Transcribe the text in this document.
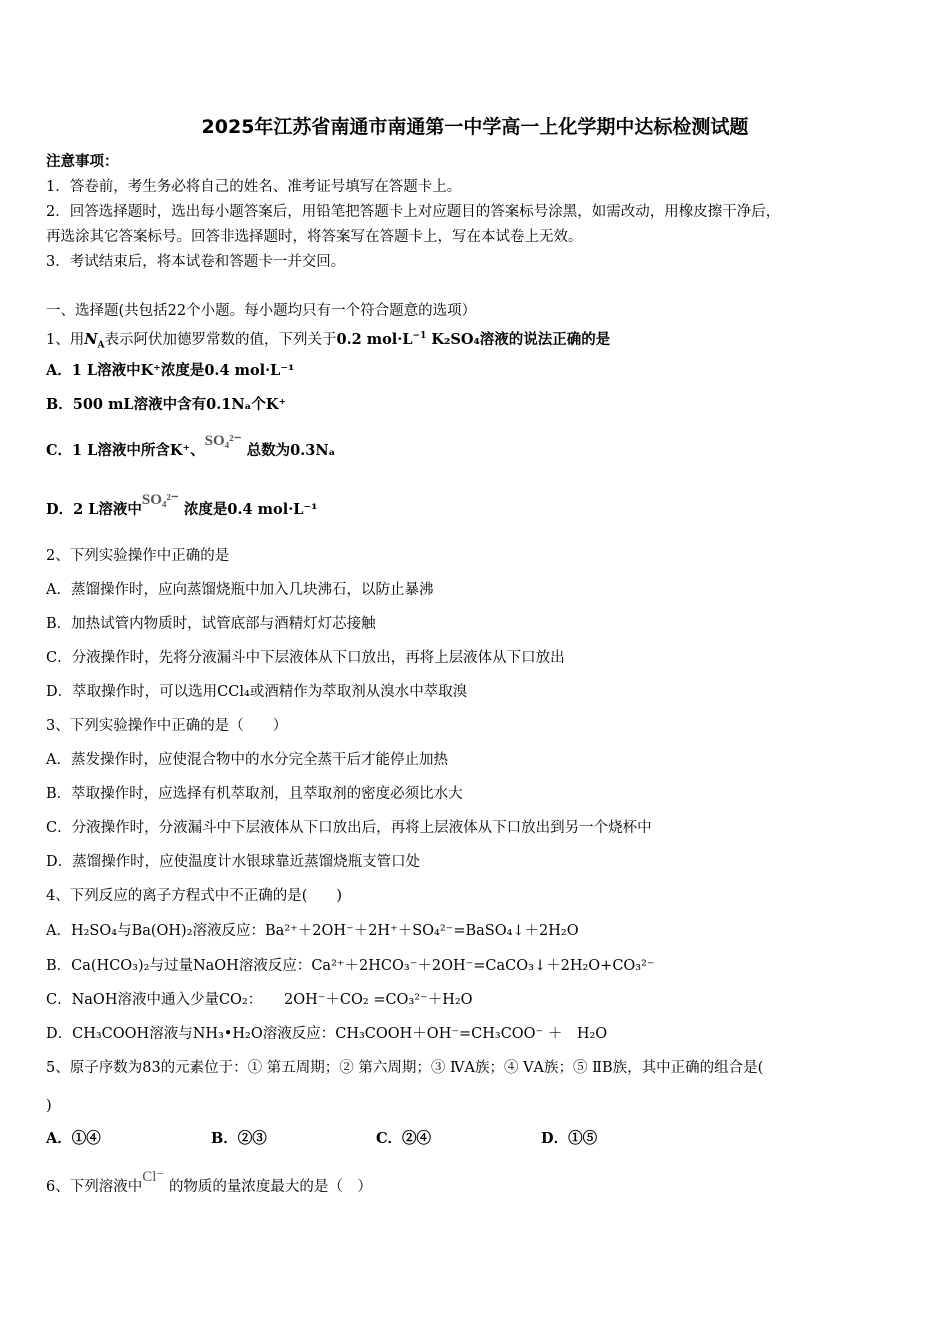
2025年江苏省南通市南通第一中学高一上化学期中达标检测试题
注意事项：
1．答卷前，考生务必将自己的姓名、准考证号填写在答题卡上。
2．回答选择题时，选出每小题答案后，用铅笔把答题卡上对应题目的答案标号涂黑，如需改动，用橡皮擦干净后，
再选涂其它答案标号。回答非选择题时，将答案写在答题卡上，写在本试卷上无效。
3．考试结束后，将本试卷和答题卡一并交回。
一、选择题(共包括22个小题。每小题均只有一个符合题意的选项）
1、用$N_A$表示阿伏加德罗常数的值，下列关于0.2 $mol\cdot L^{-1}$ K₂SO₄溶液的说法正确的是
A．1 L溶液中K⁺浓度是0.4 mol·L⁻¹
B．500 mL溶液中含有0.1Nₐ个K⁺
C．1 L溶液中所含K⁺、SO₄²⁻ 总数为0.3Nₐ
D．2 L溶液中SO₄²⁻ 浓度是0.4 mol·L⁻¹
2、下列实验操作中正确的是
A．蒸馏操作时，应向蒸馏烧瓶中加入几块沸石，以防止暴沸
B．加热试管内物质时，试管底部与酒精灯灯芯接触
C．分液操作时，先将分液漏斗中下层液体从下口放出，再将上层液体从下口放出
D．萃取操作时，可以选用CCl₄或酒精作为萃取剂从溴水中萃取溴
3、下列实验操作中正确的是（　　）
A．蒸发操作时，应使混合物中的水分完全蒸干后才能停止加热
B．萃取操作时，应选择有机萃取剂，且萃取剂的密度必须比水大
C．分液操作时，分液漏斗中下层液体从下口放出后，再将上层液体从下口放出到另一个烧杯中
D．蒸馏操作时，应使温度计水银球靠近蒸馏烧瓶支管口处
4、下列反应的离子方程式中不正确的是(　　)
A．H₂SO₄与Ba(OH)₂溶液反应：Ba²⁺＋2OH⁻＋2H⁺＋SO₄²⁻=BaSO₄↓＋2H₂O
B．Ca(HCO₃)₂与过量NaOH溶液反应：Ca²⁺＋2HCO₃⁻＋2OH⁻=CaCO₃↓＋2H₂O+CO₃²⁻
C．NaOH溶液中通入少量CO₂：　　2OH⁻＋CO₂ =CO₃²⁻＋H₂O
D．CH₃COOH溶液与NH₃•H₂O溶液反应：CH₃COOH＋OH⁻=CH₃COO⁻ ＋　H₂O
5、原子序数为83的元素位于：① 第五周期；② 第六周期；③ ⅣA族；④ ⅤA族；⑤ ⅡB族，其中正确的组合是(
)
A．①④	B．②③	C．②④	D．①⑤
6、下列溶液中Cl⁻ 的物质的量浓度最大的是（　）
